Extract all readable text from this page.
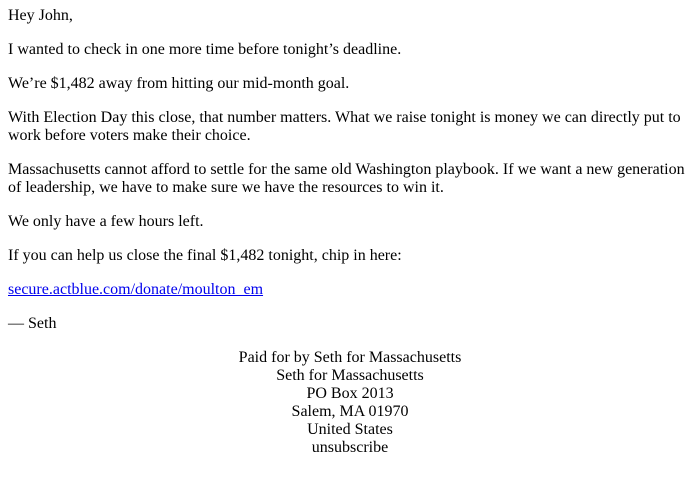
Hey John,

I wanted to check in one more time before tonight’s deadline.

We’re $1,482 away from hitting our mid-month goal.

With Election Day this close, that number matters. What we raise tonight is money we can directly put to work before voters make their choice.

Massachusetts cannot afford to settle for the same old Washington playbook. If we want a new generation of leadership, we have to make sure we have the resources to win it.

We only have a few hours left.

If you can help us close the final $1,482 tonight, chip in here:

secure.actblue.com/donate/moulton_em

— Seth

Paid for by Seth for Massachusetts
Seth for Massachusetts
PO Box 2013
Salem, MA 01970
United States
unsubscribe
